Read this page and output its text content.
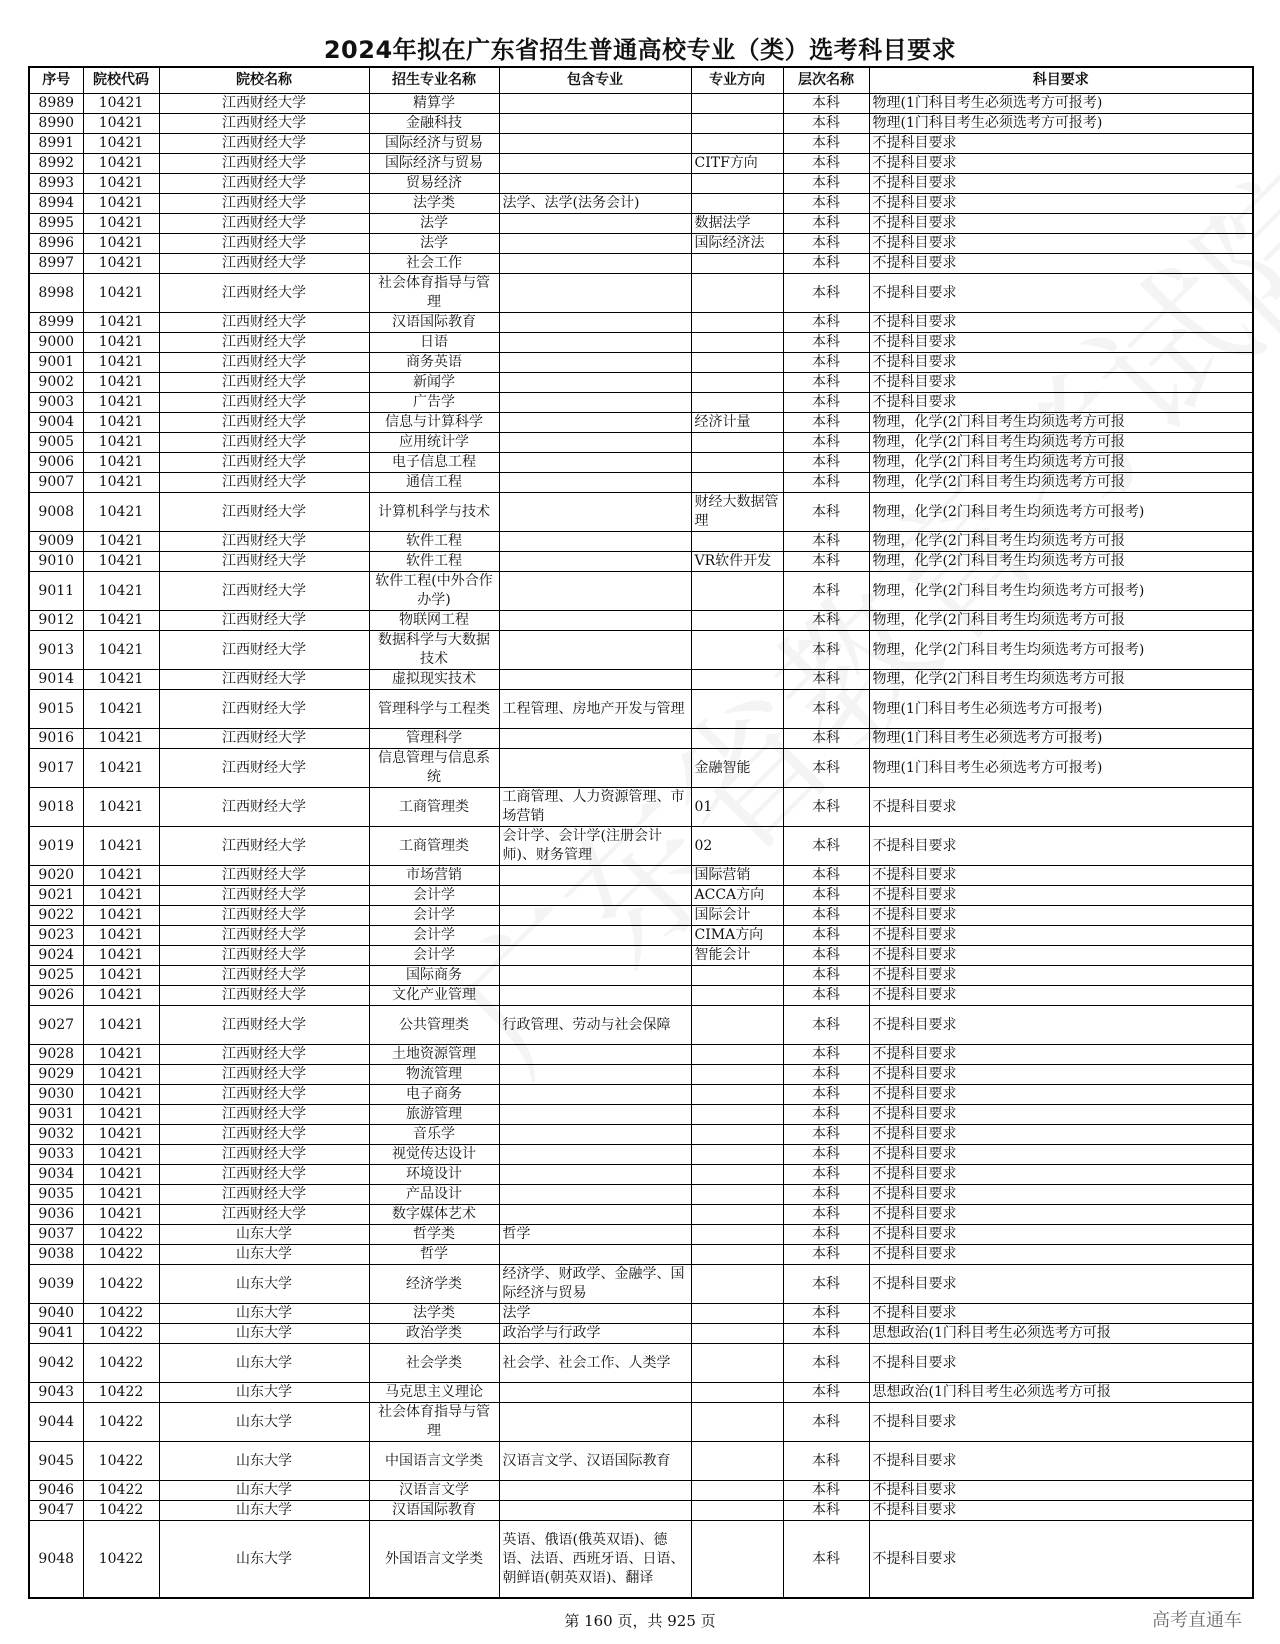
2024年拟在广东省招生普通高校专业（类）选考科目要求
序号	院校代码	院校名称	招生专业名称	包含专业	专业方向	层次名称	科目要求
8989	10421	江西财经大学	精算学			本科	物理(1门科目考生必须选考方可报考)
8990	10421	江西财经大学	金融科技			本科	物理(1门科目考生必须选考方可报考)
8991	10421	江西财经大学	国际经济与贸易			本科	不提科目要求
8992	10421	江西财经大学	国际经济与贸易		CITF方向	本科	不提科目要求
8993	10421	江西财经大学	贸易经济			本科	不提科目要求
8994	10421	江西财经大学	法学类	法学、法学(法务会计)		本科	不提科目要求
8995	10421	江西财经大学	法学		数据法学	本科	不提科目要求
8996	10421	江西财经大学	法学		国际经济法	本科	不提科目要求
8997	10421	江西财经大学	社会工作			本科	不提科目要求
8998	10421	江西财经大学	社会体育指导与管理			本科	不提科目要求

8999	10421	江西财经大学	汉语国际教育			本科	不提科目要求
9000	10421	江西财经大学	日语			本科	不提科目要求
9001	10421	江西财经大学	商务英语			本科	不提科目要求
9002	10421	江西财经大学	新闻学			本科	不提科目要求
9003	10421	江西财经大学	广告学			本科	不提科目要求
9004	10421	江西财经大学	信息与计算科学		经济计量	本科	物理，化学(2门科目考生均须选考方可报
9005	10421	江西财经大学	应用统计学			本科	物理，化学(2门科目考生均须选考方可报
9006	10421	江西财经大学	电子信息工程			本科	物理，化学(2门科目考生均须选考方可报
9007	10421	江西财经大学	通信工程			本科	物理，化学(2门科目考生均须选考方可报
9008	10421	江西财经大学	计算机科学与技术		财经大数据管理	本科	物理，化学(2门科目考生均须选考方可报考)

9009	10421	江西财经大学	软件工程			本科	物理，化学(2门科目考生均须选考方可报
9010	10421	江西财经大学	软件工程		VR软件开发	本科	物理，化学(2门科目考生均须选考方可报
9011	10421	江西财经大学	软件工程(中外合作办学)			本科	物理，化学(2门科目考生均须选考方可报考)

9012	10421	江西财经大学	物联网工程			本科	物理，化学(2门科目考生均须选考方可报
9013	10421	江西财经大学	数据科学与大数据技术			本科	物理，化学(2门科目考生均须选考方可报考)

9014	10421	江西财经大学	虚拟现实技术			本科	物理，化学(2门科目考生均须选考方可报
9015	10421	江西财经大学	管理科学与工程类	工程管理、房地产开发与管理		本科	物理(1门科目考生必须选考方可报考)

9016	10421	江西财经大学	管理科学			本科	物理(1门科目考生必须选考方可报考)
9017	10421	江西财经大学	信息管理与信息系统		金融智能	本科	物理(1门科目考生必须选考方可报考)

9018	10421	江西财经大学	工商管理类	工商管理、人力资源管理、市场营销	01	本科	不提科目要求

9019	10421	江西财经大学	工商管理类	会计学、会计学(注册会计师)、财务管理	02	本科	不提科目要求

9020	10421	江西财经大学	市场营销		国际营销	本科	不提科目要求
9021	10421	江西财经大学	会计学		ACCA方向	本科	不提科目要求
9022	10421	江西财经大学	会计学		国际会计	本科	不提科目要求
9023	10421	江西财经大学	会计学		CIMA方向	本科	不提科目要求
9024	10421	江西财经大学	会计学		智能会计	本科	不提科目要求
9025	10421	江西财经大学	国际商务			本科	不提科目要求
9026	10421	江西财经大学	文化产业管理			本科	不提科目要求
9027	10421	江西财经大学	公共管理类	行政管理、劳动与社会保障		本科	不提科目要求

9028	10421	江西财经大学	土地资源管理			本科	不提科目要求
9029	10421	江西财经大学	物流管理			本科	不提科目要求
9030	10421	江西财经大学	电子商务			本科	不提科目要求
9031	10421	江西财经大学	旅游管理			本科	不提科目要求
9032	10421	江西财经大学	音乐学			本科	不提科目要求
9033	10421	江西财经大学	视觉传达设计			本科	不提科目要求
9034	10421	江西财经大学	环境设计			本科	不提科目要求
9035	10421	江西财经大学	产品设计			本科	不提科目要求
9036	10421	江西财经大学	数字媒体艺术			本科	不提科目要求
9037	10422	山东大学	哲学类	哲学		本科	不提科目要求
9038	10422	山东大学	哲学			本科	不提科目要求
9039	10422	山东大学	经济学类	经济学、财政学、金融学、国际经济与贸易		本科	不提科目要求

9040	10422	山东大学	法学类	法学		本科	不提科目要求
9041	10422	山东大学	政治学类	政治学与行政学		本科	思想政治(1门科目考生必须选考方可报
9042	10422	山东大学	社会学类	社会学、社会工作、人类学		本科	不提科目要求

9043	10422	山东大学	马克思主义理论			本科	思想政治(1门科目考生必须选考方可报
9044	10422	山东大学	社会体育指导与管理			本科	不提科目要求

9045	10422	山东大学	中国语言文学类	汉语言文学、汉语国际教育		本科	不提科目要求

9046	10422	山东大学	汉语言文学			本科	不提科目要求
9047	10422	山东大学	汉语国际教育			本科	不提科目要求
9048	10422	山东大学	外国语言文学类	英语、俄语(俄英双语)、德语、法语、西班牙语、日语、朝鲜语(朝英双语)、翻译		本科	不提科目要求
第 160 页，共 925 页	高考直通车
